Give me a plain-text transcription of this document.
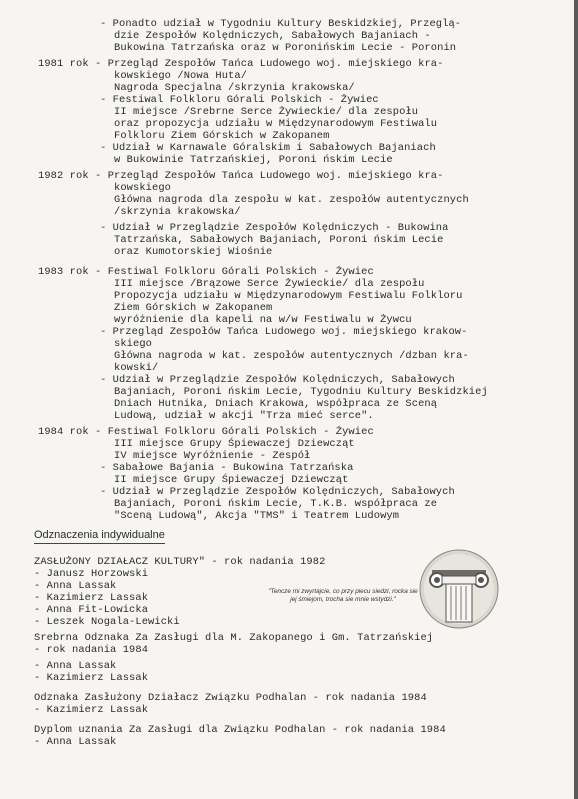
- Ponadto udział w Tygodniu Kultury Beskidzkiej, Przeglą-
dzie Zespołów Kolędniczych, Sabałowych Bajaniach -
Bukowina Tatrzańska oraz w Poronińskim Lecie - Poronin
1981 rok - Przegląd Zespołów Tańca Ludowego woj. miejskiego kra-
kowskiego /Nowa Huta/
Nagroda Specjalna /skrzynia krakowska/
- Festiwal Folkloru Górali Polskich - Żywiec
II miejsce /Srebrne Serce Żywieckie/ dla zespołu
oraz propozycja udziału w Międzynarodowym Festiwalu
Folkloru Ziem Górskich w Zakopanem
- Udział w Karnawale Góralskim i Sabałowych Bajaniach
w Bukowinie Tatrzańskiej, Poroni ńskim Lecie
1982 rok - Przegląd Zespołów Tańca Ludowego woj. miejskiego kra-
kowskiego
Główna nagroda dla zespołu w kat. zespołów autentycznych
/skrzynia krakowska/
- Udział w Przeglądzie Zespołów Kolędniczych - Bukowina
Tatrzańska, Sabałowych Bajaniach, Poroni ńskim Lecie
oraz Kumotorskiej Wiośnie
1983 rok - Festiwal Folkloru Górali Polskich - Żywiec
III miejsce /Brązowe Serce Żywieckie/ dla zespołu
Propozycja udziału w Międzynarodowym Festiwalu Folkloru
Ziem Górskich w Zakopanem
wyróżnienie dla kapeli na w/w Festiwalu w Żywcu
- Przegląd Zespołów Tańca Ludowego woj. miejskiego krakow-
skiego
Główna nagroda w kat. zespołów autentycznych /dzban kra-
kowski/
- Udział w Przeglądzie Zespołów Kolędniczych, Sabałowych
Bajaniach, Poroni ńskim Lecie, Tygodniu Kultury Beskidzkiej
Dniach Hutnika, Dniach Krakowa, współpraca ze Sceną
Ludową, udział w akcji "Trza mieć serce".
1984 rok - Festiwal Folkloru Górali Polskich - Żywiec
III miejsce Grupy Śpiewaczej Dziewcząt
IV miejsce Wyróżnienie - Zespół
- Sabałowe Bajania - Bukowina Tatrzańska
II miejsce Grupy Śpiewaczej Dziewcząt
- Udział w Przeglądzie Zespołów Kolędniczych, Sabałowych
Bajaniach, Poroni ńskim Lecie, T.K.B. współpraca ze
"Sceną Ludową", Akcja "TMS" i Teatrem Ludowym
Odznaczenia indywidualne
ZASŁUŻONY DZIAŁACZ KULTURY" - rok nadania 1982
- Janusz Horzowski
- Anna Lassak
- Kazimierz Lassak
- Anna Fit-Lowicka
- Leszek Nogala-Lewicki
Srebrna Odznaka Za Zasługi dla M. Zakopanego i Gm. Tatrzańskiej
- rok nadania 1984
- Anna Lassak
- Kazimierz Lassak
Odznaka Zasłużony Działacz Związku Podhalan - rok nadania 1984
- Kazimierz Lassak
Dyplom uznania Za Zasługi dla Związku Podhalan - rok nadania 1984
- Anna Lassak
"Tencze mi zwyrtajcie, co przy piecu siedzi, rocka sie jej śmiejom, trocha sie mnie wstydzi."
